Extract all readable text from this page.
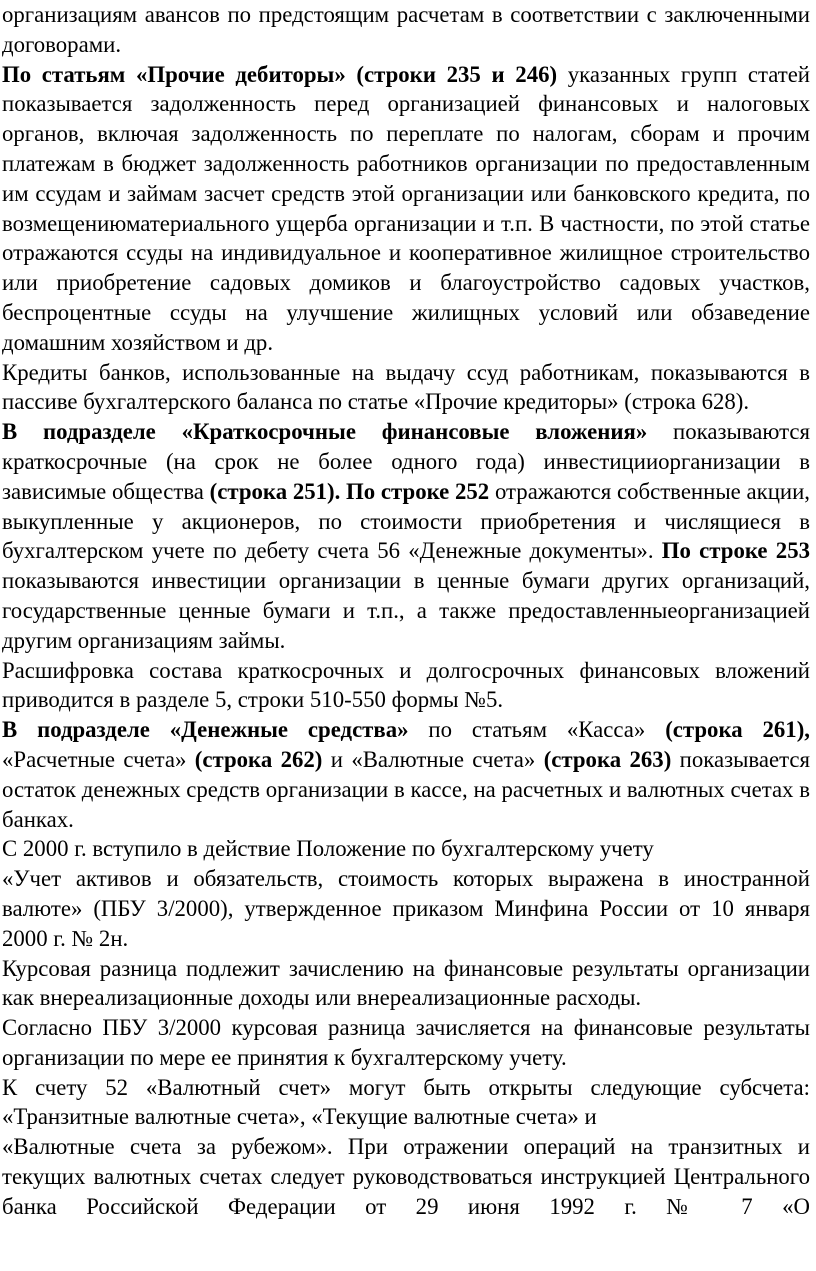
организациям авансов по предстоящим расчетам в соответствии с заключенными договорами.

По статьям «Прочие дебиторы» (строки 235 и 246) указанных групп статей показывается задолженность перед организацией финансовых и налоговых органов, включая задолженность по переплате по налогам, сборам и прочим платежам в бюджет задолженность работников организации по предоставленным им ссудам и займам засчет средств этой организации или банковского кредита, по возмещениюматериального ущерба организации и т.п. В частности, по этой статье отражаются ссуды на индивидуальное и кооперативное жилищное строительство или приобретение садовых домиков и благоустройство садовых участков, беспроцентные ссуды на улучшение жилищных условий или обзаведение домашним хозяйством и др.

Кредиты банков, использованные на выдачу ссуд работникам, показываются в пассиве бухгалтерского баланса по статье «Прочие кредиторы» (строка 628).

В подразделе «Краткосрочные финансовые вложения» показываются краткосрочные (на срок не более одного года) инвестицииорганизации в зависимые общества (строка 251). По строке 252 отражаются собственные акции, выкупленные у акционеров, по стоимости приобретения и числящиеся в бухгалтерском учете по дебету счета 56 «Денежные документы». По строке 253 показываются инвестиции организации в ценные бумаги других организаций, государственные ценные бумаги и т.п., а также предоставленныеорганизацией другим организациям займы.

Расшифровка состава краткосрочных и долгосрочных финансовых вложений приводится в разделе 5, строки 510-550 формы №5.

В подразделе «Денежные средства» по статьям «Касса» (строка 261), «Расчетные счета» (строка 262) и «Валютные счета» (строка 263) показывается остаток денежных средств организации в кассе, на расчетных и валютных счетах в банках.

С 2000 г. вступило в действие Положение по бухгалтерскому учету

«Учет активов и обязательств, стоимость которых выражена в иностранной валюте» (ПБУ 3/2000), утвержденное приказом Минфина России от 10 января 2000 г. № 2н.

Курсовая разница подлежит зачислению на финансовые результаты организации как внереализационные доходы или внереализационные расходы.

Согласно ПБУ 3/2000 курсовая разница зачисляется на финансовые результаты организации по мере ее принятия к бухгалтерскому учету.

К счету 52 «Валютный счет» могут быть открыты следующие субсчета: «Транзитные валютные счета», «Текущие валютные счета» и

«Валютные счета за рубежом». При отражении операций на транзитных и текущих валютных счетах следует руководствоваться инструкцией Центрального банка Российской Федерации от 29 июня 1992 г. № 7 «О
